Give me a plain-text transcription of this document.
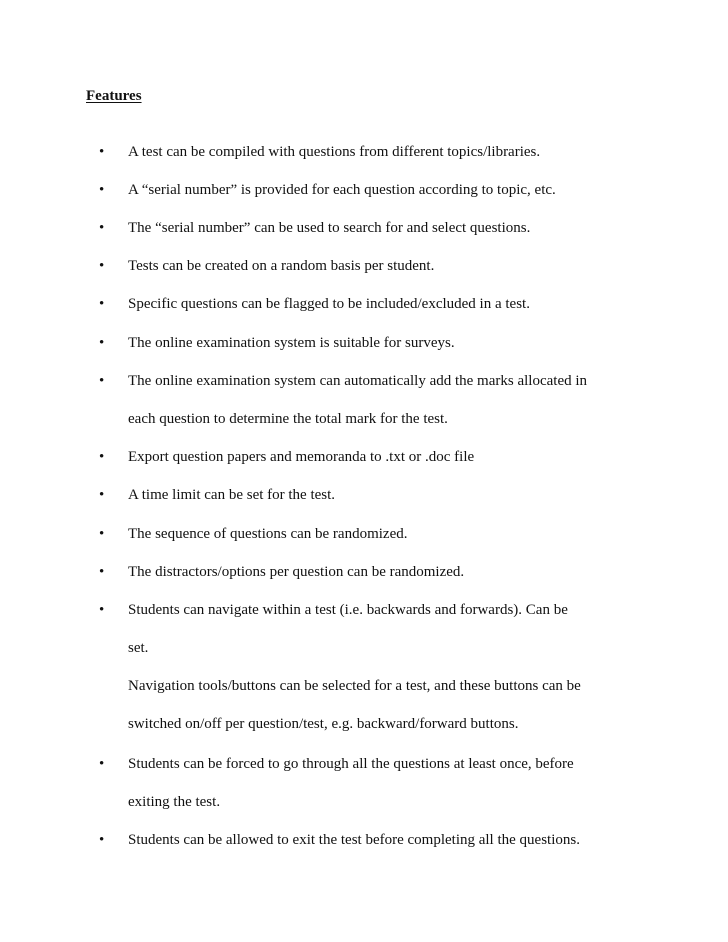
Features
• A test can be compiled with questions from different topics/libraries.

• A “serial number” is provided for each question according to topic, etc.

• The “serial number” can be used to search for and select questions.

• Tests can be created on a random basis per student.

• Specific questions can be flagged to be included/excluded in a test.

• The online examination system is suitable for surveys.

• The online examination system can automatically add the marks allocated in

each question to determine the total mark for the test.

• Export question papers and memoranda to .txt or .doc file

• A time limit can be set for the test.

• The sequence of questions can be randomized.

• The distractors/options per question can be randomized.

• Students can navigate within a test (i.e. backwards and forwards). Can be

set.

Navigation tools/buttons can be selected for a test, and these buttons can be

switched on/off per question/test, e.g. backward/forward buttons.

• Students can be forced to go through all the questions at least once, before

exiting the test.

• Students can be allowed to exit the test before completing all the questions.
